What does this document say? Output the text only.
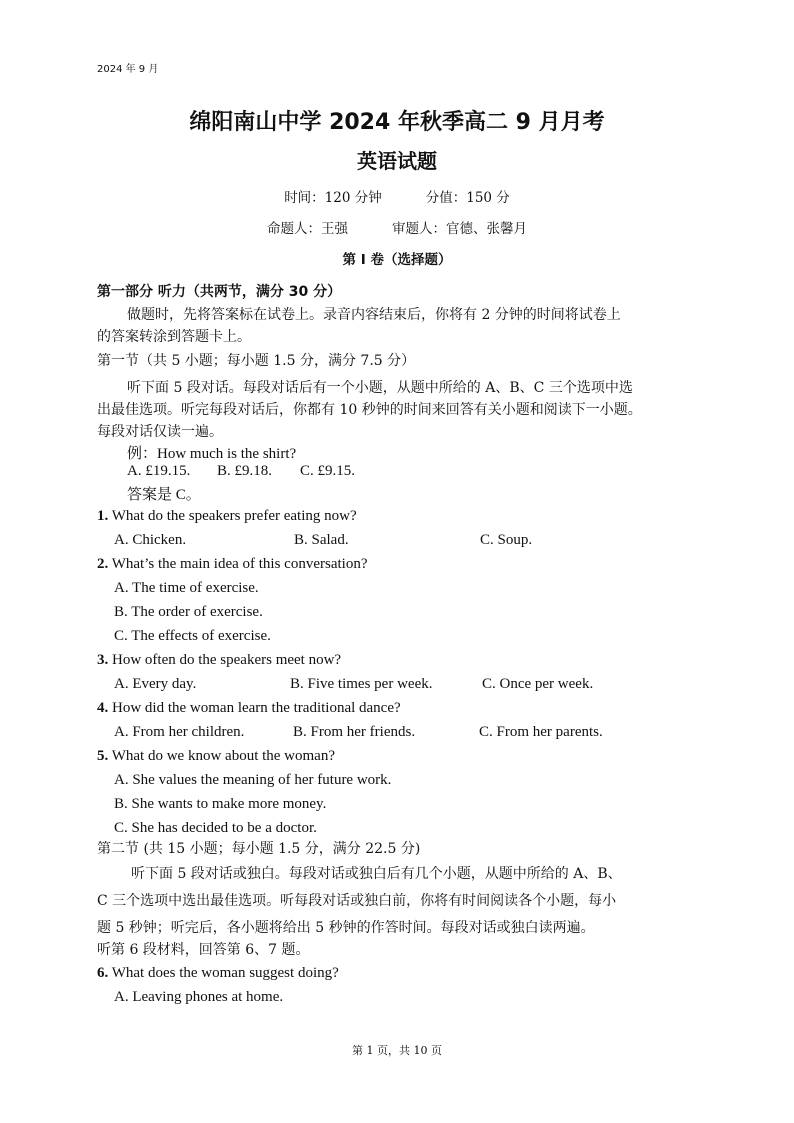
2024 年 9 月
绵阳南山中学 2024 年秋季高二 9 月月考
英语试题
时间：120 分钟	分值：150 分
命题人：王强	审题人：官德、张馨月
第 I 卷（选择题）
第一部分 听力（共两节，满分 30 分）
做题时，先将答案标在试卷上。录音内容结束后，你将有 2 分钟的时间将试卷上
的答案转涂到答题卡上。
第一节（共 5 小题；每小题 1.5 分，满分 7.5 分）
听下面 5 段对话。每段对话后有一个小题，从题中所给的 A、B、C 三个选项中选
出最佳选项。听完每段对话后，你都有 10 秒钟的时间来回答有关小题和阅读下一小题。
每段对话仅读一遍。
例：How much is the shirt?
A. £19.15. B. £9.18. C. £9.15.
答案是 C。
1. What do the speakers prefer eating now?
A. Chicken.	B. Salad.	C. Soup.
2. What’s the main idea of this conversation?
A. The time of exercise.
B. The order of exercise.
C. The effects of exercise.
3. How often do the speakers meet now?
A. Every day.	B. Five times per week.	C. Once per week.
4. How did the woman learn the traditional dance?
A. From her children.	B. From her friends.	C. From her parents.
5. What do we know about the woman?
A. She values the meaning of her future work.
B. She wants to make more money.
C. She has decided to be a doctor.
第二节 (共 15 小题；每小题 1.5 分，满分 22.5 分)
听下面 5 段对话或独白。每段对话或独白后有几个小题，从题中所给的 A、B、
C 三个选项中选出最佳选项。听每段对话或独白前，你将有时间阅读各个小题，每小
题 5 秒钟；听完后，各小题将给出 5 秒钟的作答时间。每段对话或独白读两遍。
听第 6 段材料，回答第 6、7 题。
6. What does the woman suggest doing?
A. Leaving phones at home.
第 1 页，共 10 页
